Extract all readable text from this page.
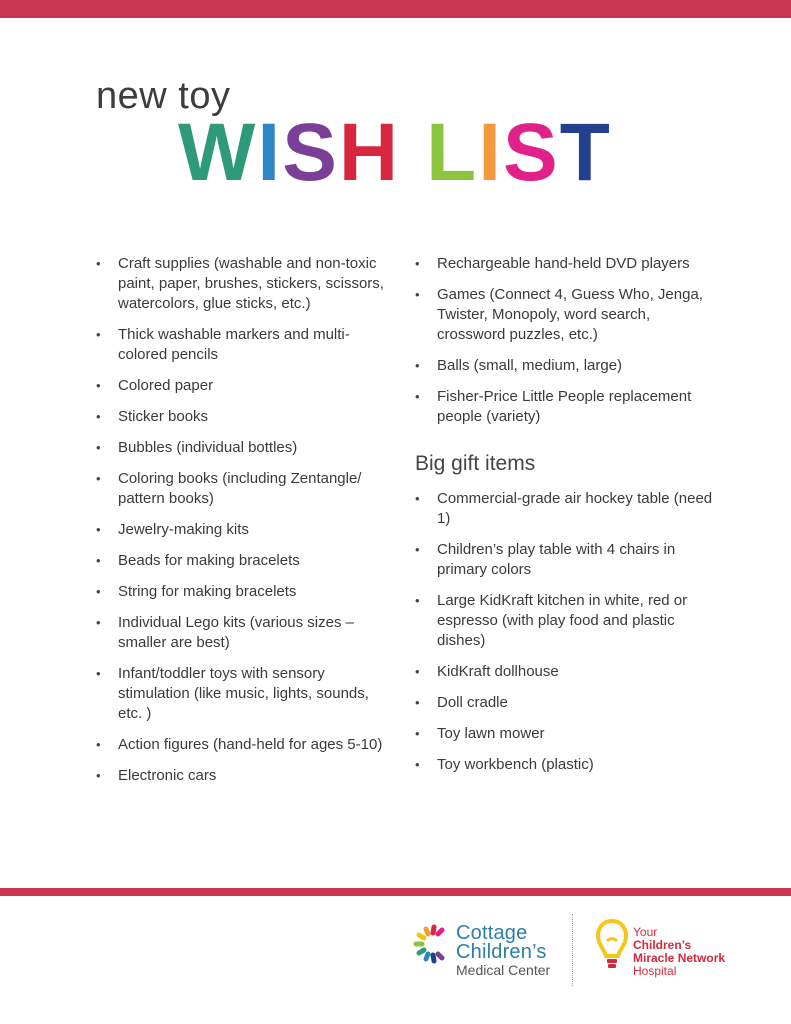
new toy
WISH LIST
• Craft supplies (washable and non-toxic paint, paper, brushes, stickers, scissors, watercolors, glue sticks, etc.)
• Thick washable markers and multi-colored pencils
• Colored paper
• Sticker books
• Bubbles (individual bottles)
• Coloring books (including Zentangle/ pattern books)
• Jewelry-making kits
• Beads for making bracelets
• String for making bracelets
• Individual Lego kits (various sizes – smaller are best)
• Infant/toddler toys with sensory stimulation (like music, lights, sounds, etc. )
• Action figures (hand-held for ages 5-10)
• Electronic cars
• Rechargeable hand-held DVD players
• Games (Connect 4, Guess Who, Jenga, Twister, Monopoly, word search, crossword puzzles, etc.)
• Balls (small, medium, large)
• Fisher-Price Little People replacement people (variety)
Big gift items
• Commercial-grade air hockey table (need 1)
• Children’s play table with 4 chairs in primary colors
• Large KidKraft kitchen in white, red or espresso (with play food and plastic dishes)
• KidKraft dollhouse
• Doll cradle
• Toy lawn mower
• Toy workbench (plastic)
Cottage
Children’s
Medical Center
Your
Children’s
Miracle Network
Hospital
